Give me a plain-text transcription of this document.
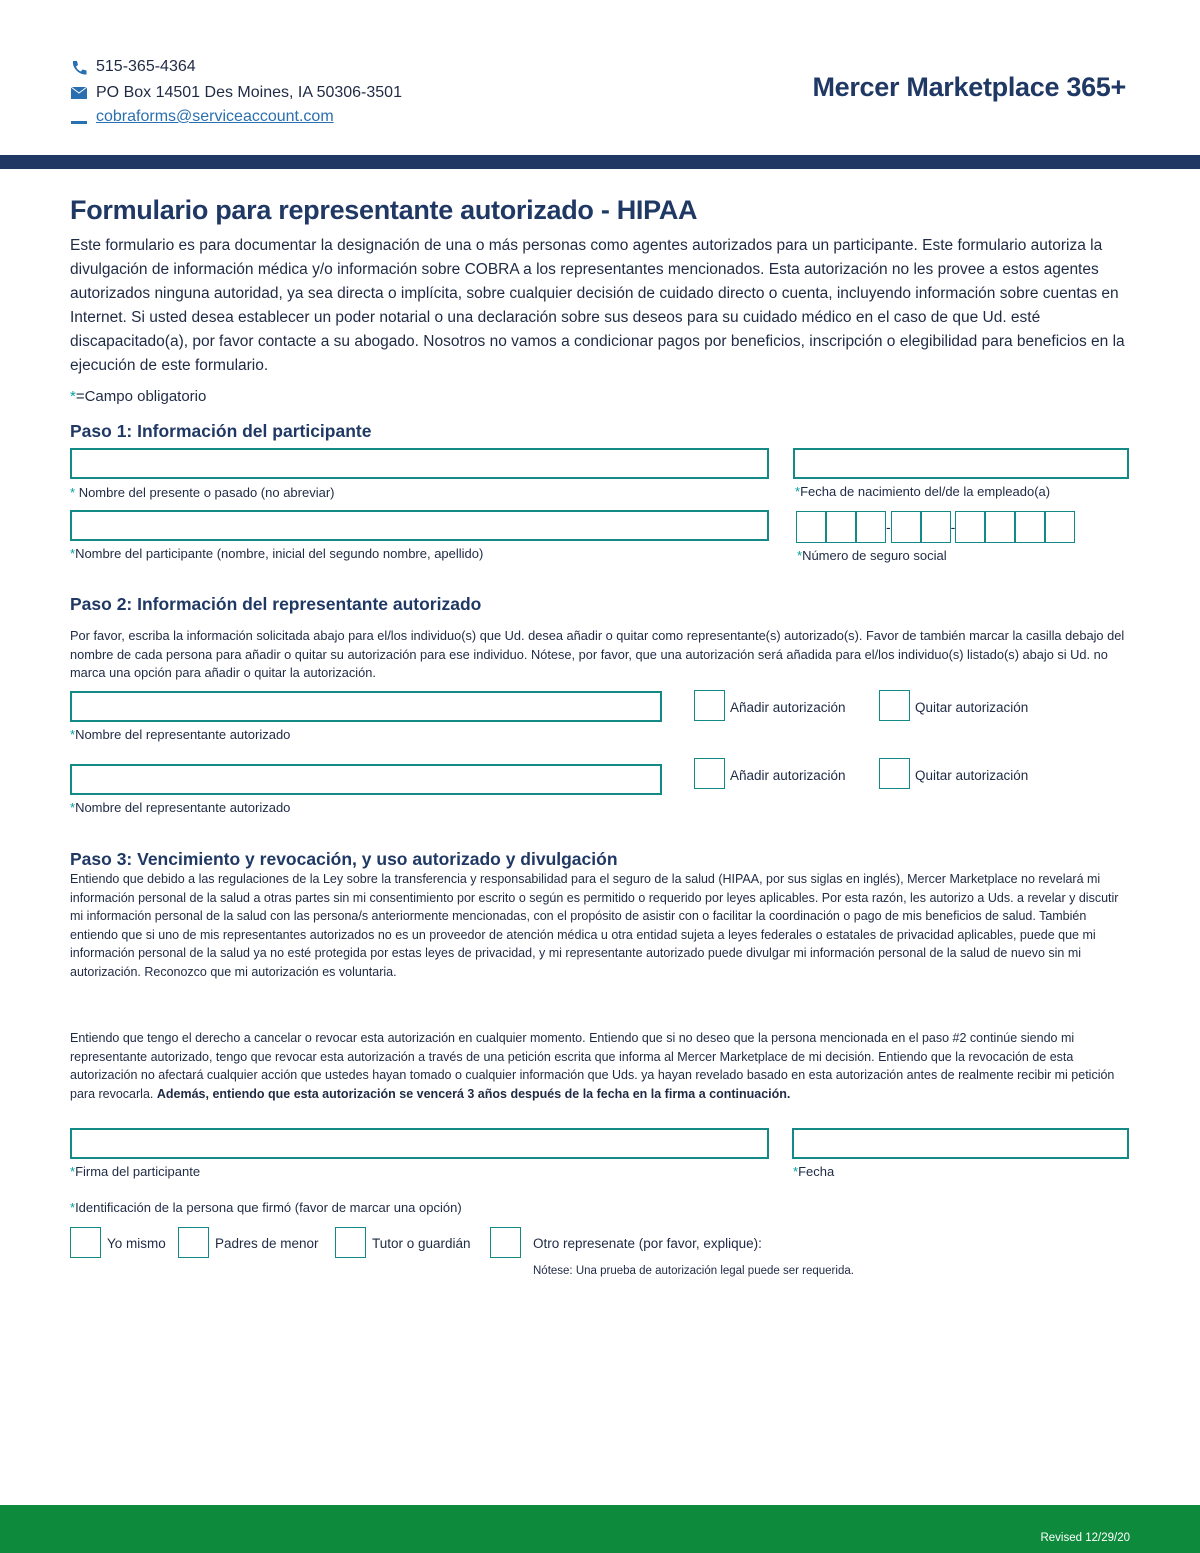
515-365-4364
PO Box 14501 Des Moines, IA 50306-3501
cobraforms@serviceaccount.com
Mercer Marketplace 365+
Formulario para representante autorizado - HIPAA
Este formulario es para documentar la designación de una o más personas como agentes autorizados para un participante. Este formulario autoriza la divulgación de información médica y/o información sobre COBRA a los representantes mencionados. Esta autorización no les provee a estos agentes autorizados ninguna autoridad, ya sea directa o implícita, sobre cualquier decisión de cuidado directo o cuenta, incluyendo información sobre cuentas en Internet. Si usted desea establecer un poder notarial o una declaración sobre sus deseos para su cuidado médico en el caso de que Ud. esté discapacitado(a), por favor contacte a su abogado. Nosotros no vamos a condicionar pagos por beneficios, inscripción o elegibilidad para beneficios en la ejecución de este formulario.
*=Campo obligatorio
Paso 1: Información del participante
* Nombre del presente o pasado (no abreviar)	*Fecha de nacimiento del/de la empleado(a)
*Nombre del participante (nombre, inicial del segundo nombre, apellido)
-	-
*Número de seguro social
Paso 2: Información del representante autorizado
Por favor, escriba la información solicitada abajo para el/los individuo(s) que Ud. desea añadir o quitar como representante(s) autorizado(s). Favor de también marcar la casilla debajo del nombre de cada persona para añadir o quitar su autorización para ese individuo. Nótese, por favor, que una autorización será añadida para el/los individuo(s) listado(s) abajo si Ud. no marca una opción para añadir o quitar la autorización.
*Nombre del representante autorizado
Añadir autorización	Quitar autorización
*Nombre del representante autorizado
Añadir autorización	Quitar autorización
Paso 3: Vencimiento y revocación, y uso autorizado y divulgación
Entiendo que debido a las regulaciones de la Ley sobre la transferencia y responsabilidad para el seguro de la salud (HIPAA, por sus siglas en inglés), Mercer Marketplace no revelará mi información personal de la salud a otras partes sin mi consentimiento por escrito o según es permitido o requerido por leyes aplicables. Por esta razón, les autorizo a Uds. a revelar y discutir mi información personal de la salud con las persona/s anteriormente mencionadas, con el propósito de asistir con o facilitar la coordinación o pago de mis beneficios de salud. También entiendo que si uno de mis representantes autorizados no es un proveedor de atención médica u otra entidad sujeta a leyes federales o estatales de privacidad aplicables, puede que mi información personal de la salud ya no esté protegida por estas leyes de privacidad, y mi representante autorizado puede divulgar mi información personal de la salud de nuevo sin mi autorización. Reconozco que mi autorización es voluntaria.
Entiendo que tengo el derecho a cancelar o revocar esta autorización en cualquier momento. Entiendo que si no deseo que la persona mencionada en el paso #2 continúe siendo mi representante autorizado, tengo que revocar esta autorización a través de una petición escrita que informa al Mercer Marketplace de mi decisión. Entiendo que la revocación de esta autorización no afectará cualquier acción que ustedes hayan tomado o cualquier información que Uds. ya hayan revelado basado en esta autorización antes de realmente recibir mi petición para revocarla. Además, entiendo que esta autorización se vencerá 3 años después de la fecha en la firma a continuación.
*Firma del participante	*Fecha
*Identificación de la persona que firmó (favor de marcar una opción)
Yo mismo	Padres de menor	Tutor o guardián	Otro represenate (por favor, explique):
Nótese: Una prueba de autorización legal puede ser requerida.
Revised 12/29/20
